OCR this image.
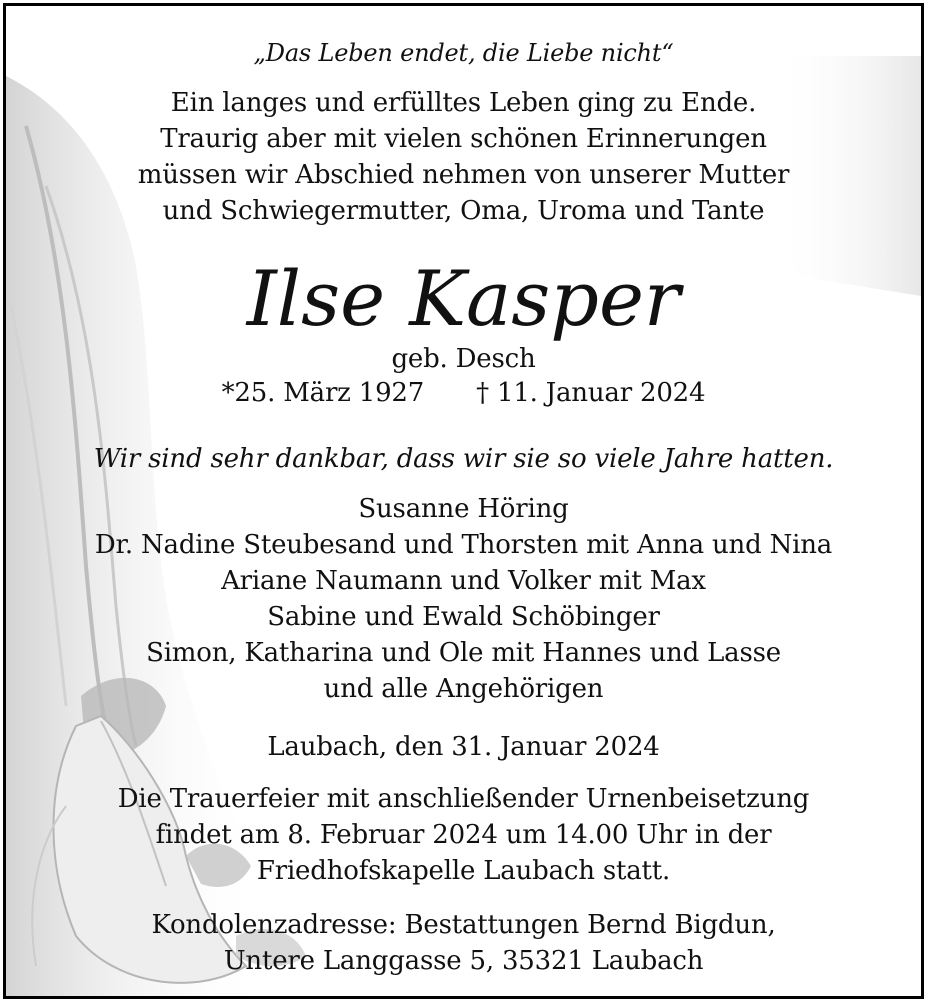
„Das Leben endet, die Liebe nicht“
Ein langes und erfülltes Leben ging zu Ende.
Traurig aber mit vielen schönen Erinnerungen
müssen wir Abschied nehmen von unserer Mutter
und Schwiegermutter, Oma, Uroma und Tante
Ilse Kasper
geb. Desch
*25. März 1927 † 11. Januar 2024
Wir sind sehr dankbar, dass wir sie so viele Jahre hatten.
Susanne Höring
Dr. Nadine Steubesand und Thorsten mit Anna und Nina
Ariane Naumann und Volker mit Max
Sabine und Ewald Schöbinger
Simon, Katharina und Ole mit Hannes und Lasse
und alle Angehörigen
Laubach, den 31. Januar 2024
Die Trauerfeier mit anschließender Urnenbeisetzung
findet am 8. Februar 2024 um 14.00 Uhr in der
Friedhofskapelle Laubach statt.
Kondolenzadresse: Bestattungen Bernd Bigdun,
Untere Langgasse 5, 35321 Laubach
